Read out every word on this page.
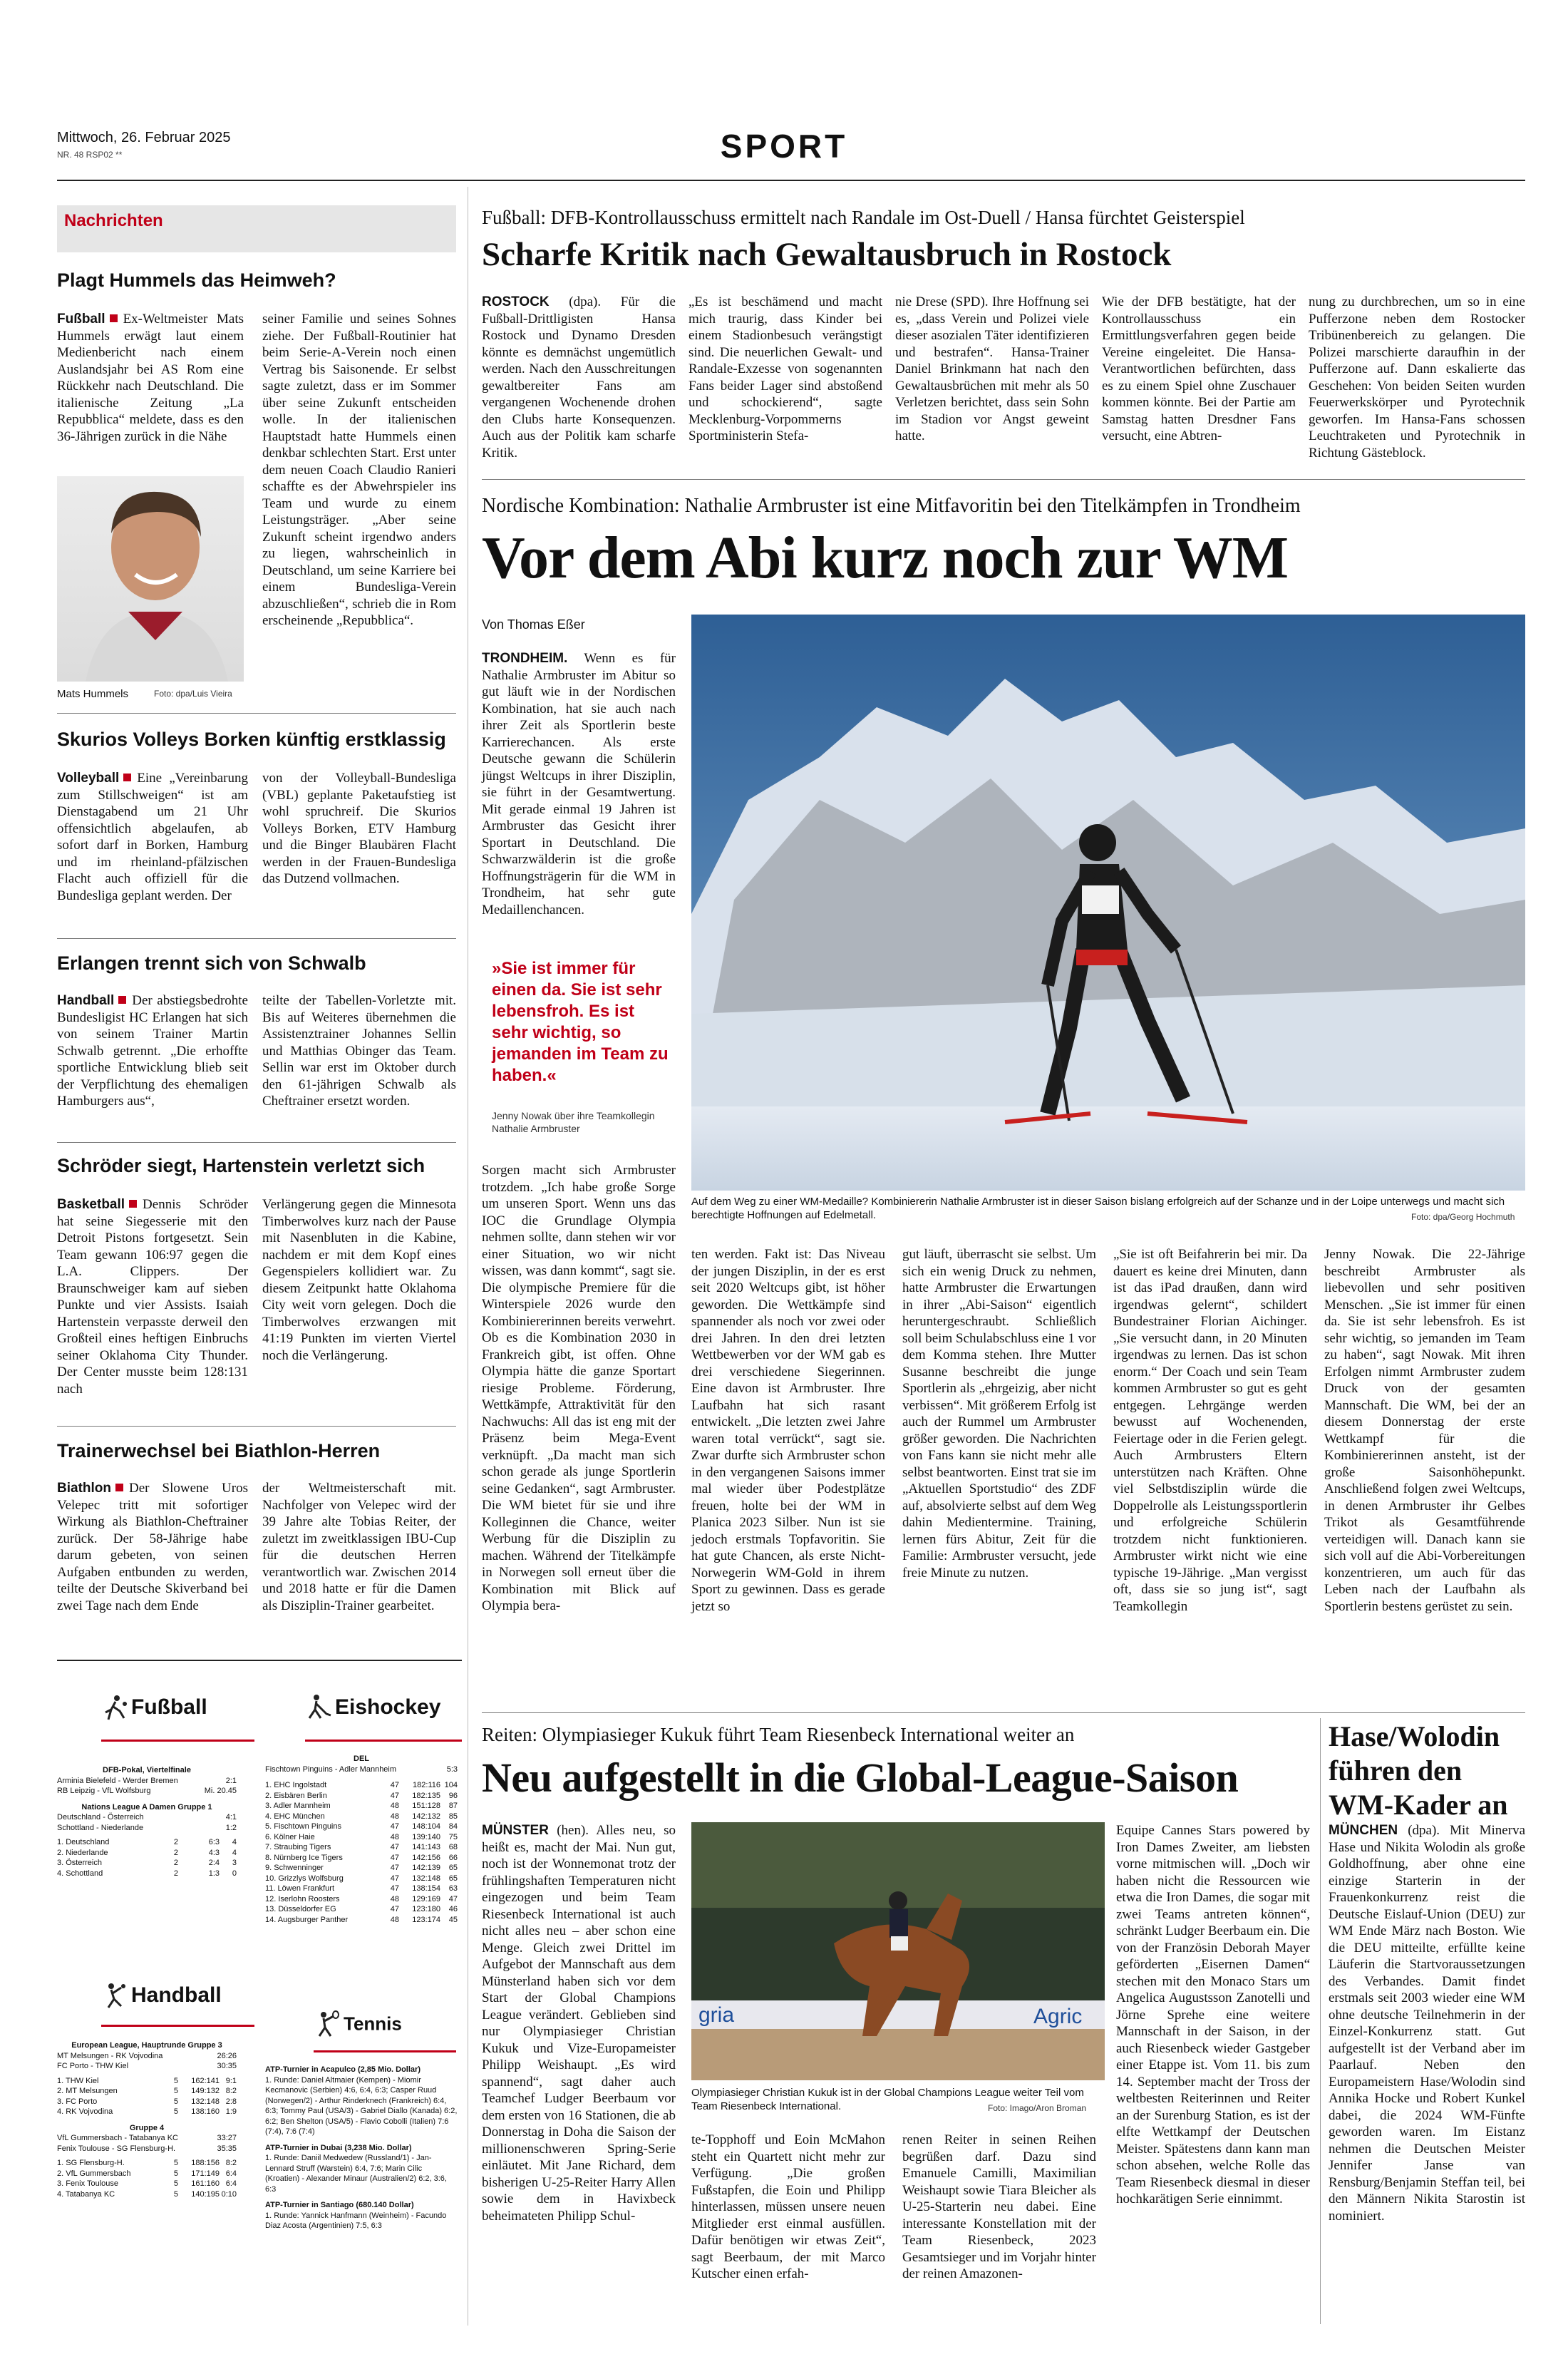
Mittwoch, 26. Februar 2025
NR. 48 RSP02 **	SPORT
Nachrichten
Plagt Hummels das Heimweh?
Fußball Ex-Weltmeister Mats Hummels erwägt laut einem Medienbericht nach einem Auslandsjahr bei AS Rom eine Rückkehr nach Deutschland. Die italienische Zeitung „La Repubblica“ meldete, dass es den 36-Jährigen zurück in die Nähe
seiner Familie und seines Sohnes ziehe. Der Fußball-Routinier hat beim Serie-A-Verein noch einen Vertrag bis Saisonende. Er selbst sagte zuletzt, dass er im Sommer über seine Zukunft entscheiden wolle. In der italienischen Hauptstadt hatte Hummels einen denkbar schlechten Start. Erst unter dem neuen Coach Claudio Ranieri schaffte es der Abwehrspieler ins Team und wurde zu einem Leistungsträger. „Aber seine Zukunft scheint irgendwo anders zu liegen, wahrscheinlich in Deutschland, um seine Karriere bei einem Bundesliga-Verein abzuschließen“, schrieb die in Rom erscheinende „Repubblica“.
Mats Hummels	Foto: dpa/Luis Vieira
Skurios Volleys Borken künftig erstklassig
Volleyball Eine „Vereinbarung zum Stillschweigen“ ist am Dienstagabend um 21 Uhr offensichtlich abgelaufen, ab sofort darf in Borken, Hamburg und im rheinland-pfälzischen Flacht auch offiziell für die Bundesliga geplant werden. Der
von der Volleyball-Bundesliga (VBL) geplante Paketaufstieg ist wohl spruchreif. Die Skurios Volleys Borken, ETV Hamburg und die Binger Blaubären Flacht werden in der Frauen-Bundesliga das Dutzend vollmachen.
Erlangen trennt sich von Schwalb
Handball Der abstiegsbedrohte Bundesligist HC Erlangen hat sich von seinem Trainer Martin Schwalb getrennt. „Die erhoffte sportliche Entwicklung blieb seit der Verpflichtung des ehemaligen Hamburgers aus“,
teilte der Tabellen-Vorletzte mit. Bis auf Weiteres übernehmen die Assistenztrainer Johannes Sellin und Matthias Obinger das Team. Sellin war erst im Oktober durch den 61-jährigen Schwalb als Cheftrainer ersetzt worden.
Schröder siegt, Hartenstein verletzt sich
Basketball Dennis Schröder hat seine Siegesserie mit den Detroit Pistons fortgesetzt. Sein Team gewann 106:97 gegen die L.A. Clippers. Der Braunschweiger kam auf sieben Punkte und vier Assists. Isaiah Hartenstein verpasste derweil den Großteil eines heftigen Einbruchs seiner Oklahoma City Thunder. Der Center musste beim 128:131 nach
Verlängerung gegen die Minnesota Timberwolves kurz nach der Pause mit Nasenbluten in die Kabine, nachdem er mit dem Kopf eines Gegenspielers kollidiert war. Zu diesem Zeitpunkt hatte Oklahoma City weit vorn gelegen. Doch die Timberwolves erzwangen mit 41:19 Punkten im vierten Viertel noch die Verlängerung.
Trainerwechsel bei Biathlon-Herren
Biathlon Der Slowene Uros Velepec tritt mit sofortiger Wirkung als Biathlon-Cheftrainer zurück. Der 58-Jährige habe darum gebeten, von seinen Aufgaben entbunden zu werden, teilte der Deutsche Skiverband bei zwei Tage nach dem Ende
der Weltmeisterschaft mit. Nachfolger von Velepec wird der 39 Jahre alte Tobias Reiter, der zuletzt im zweitklassigen IBU-Cup für die deutschen Herren verantwortlich war. Zwischen 2014 und 2018 hatte er für die Damen als Disziplin-Trainer gearbeitet.
Fußball
DFB-Pokal, Viertelfinale
Arminia Bielefeld - Werder Bremen	2:1
RB Leipzig - VfL Wolfsburg	Mi. 20.45
Nations League A Damen Gruppe 1
Deutschland - Österreich	4:1
Schottland - Niederlande	1:2
1. Deutschland	2	6:3	4
2. Niederlande	2	4:3	4
3. Österreich	2	2:4	3
4. Schottland	2	1:3	0
Handball
European League, Hauptrunde Gruppe 3
MT Melsungen - RK Vojvodina	26:26
FC Porto - THW Kiel	30:35
1. THW Kiel	5	162:141 9:1
2. MT Melsungen	5	149:132 8:2
3. FC Porto	5	132:148 2:8
4. RK Vojvodina	5	138:160 1:9
Gruppe 4
VfL Gummersbach - Tatabanya KC	33:27
Fenix Toulouse - SG Flensburg-H.	35:35
1. SG Flensburg-H.	5	188:156 8:2
2. VfL Gummersbach	5	171:149 6:4
3. Fenix Toulouse	5	161:160 6:4
4. Tatabanya KC	5	140:195 0:10
Eishockey
DEL
Fischtown Pinguins - Adler Mannheim	5:3
1. EHC Ingolstadt	47	182:116 104
2. Eisbären Berlin	47	182:135	96
3. Adler Mannheim	48	151:128	87
4. EHC München	48	142:132	85
5. Fischtown Pinguins	47	148:104	84
6. Kölner Haie	48	139:140	75
7. Straubing Tigers	47	141:143	68
8. Nürnberg Ice Tigers	47	142:156	66
9. Schwenninger	47	142:139	65
10. Grizzlys Wolfsburg	47	132:148	65
11. Löwen Frankfurt	47	138:154	63
12. Iserlohn Roosters	48	129:169	47
13. Düsseldorfer EG	47	123:180	46
14. Augsburger Panther	48	123:174	45
Tennis
ATP-Turnier in Acapulco (2,85 Mio. Dollar)
1. Runde: Daniel Altmaier (Kempen) - Miomir Kecmanovic (Serbien) 4:6, 6:4, 6:3; Casper Ruud (Norwegen/2) - Arthur Rinderknech (Frankreich) 6:4, 6:3; Tommy Paul (USA/3) - Gabriel Diallo (Kanada) 6:2, 6:2; Ben Shelton (USA/5) - Flavio Cobolli (Italien) 7:6 (7:4), 7:6 (7:4)
ATP-Turnier in Dubai (3,238 Mio. Dollar)
1. Runde: Daniil Medwedew (Russland/1) - Jan-Lennard Struff (Warstein) 6:4, 7:6; Marin Cilic (Kroatien) - Alexander Minaur (Australien/2) 6:2, 3:6, 6:3
ATP-Turnier in Santiago (680.140 Dollar)
1. Runde: Yannick Hanfmann (Weinheim) - Facundo Diaz Acosta (Argentinien) 7:5, 6:3
Fußball: DFB-Kontrollausschuss ermittelt nach Randale im Ost-Duell / Hansa fürchtet Geisterspiel
Scharfe Kritik nach Gewaltausbruch in Rostock
ROSTOCK (dpa). Für die Fußball-Drittligisten Hansa Rostock und Dynamo Dresden könnte es demnächst ungemütlich werden. Nach den Ausschreitungen gewaltbereiter Fans am vergangenen Wochenende drohen den Clubs harte Konsequenzen. Auch aus der Politik kam scharfe Kritik.
„Es ist beschämend und macht mich traurig, dass Kinder bei einem Stadionbesuch verängstigt sind. Die neuerlichen Gewalt- und Randale-Exzesse von sogenannten Fans beider Lager sind abstoßend und schockierend“, sagte Mecklenburg-Vorpommerns Sportministerin Stefa-
nie Drese (SPD). Ihre Hoffnung sei es, „dass Verein und Polizei viele dieser asozialen Täter identifizieren und bestrafen“. Hansa-Trainer Daniel Brinkmann hat nach den Gewaltausbrüchen mit mehr als 50 Verletzen berichtet, dass sein Sohn im Stadion vor Angst geweint hatte.
Wie der DFB bestätigte, hat der Kontrollausschuss ein Ermittlungsverfahren gegen beide Vereine eingeleitet. Die Hansa-Verantwortlichen befürchten, dass es zu einem Spiel ohne Zuschauer kommen könnte. Bei der Partie am Samstag hatten Dresdner Fans versucht, eine Abtren-
nung zu durchbrechen, um so in eine Pufferzone neben dem Rostocker Tribünenbereich zu gelangen. Die Polizei marschierte daraufhin in der Pufferzone auf. Dann eskalierte das Geschehen: Von beiden Seiten wurden Feuerwerkskörper und Pyrotechnik geworfen. Im Hansa-Fans schossen Leuchtraketen und Pyrotechnik in Richtung Gästeblock.
Nordische Kombination: Nathalie Armbruster ist eine Mitfavoritin bei den Titelkämpfen in Trondheim
Vor dem Abi kurz noch zur WM
Von Thomas Eßer
TRONDHEIM. Wenn es für Nathalie Armbruster im Abitur so gut läuft wie in der Nordischen Kombination, hat sie auch nach ihrer Zeit als Sportlerin beste Karrierechancen. Als erste Deutsche gewann die Schülerin jüngst Weltcups in ihrer Disziplin, sie führt in der Gesamtwertung. Mit gerade einmal 19 Jahren ist Armbruster das Gesicht ihrer Sportart in Deutschland. Die Schwarzwälderin ist die große Hoffnungsträgerin für die WM in Trondheim, hat sehr gute Medaillenchancen.
»Sie ist immer für einen da. Sie ist sehr lebensfroh. Es ist sehr wichtig, so jemanden im Team zu haben.«
Jenny Nowak über ihre Teamkollegin Nathalie Armbruster
Sorgen macht sich Armbruster trotzdem. „Ich habe große Sorge um unseren Sport. Wenn uns das IOC die Grundlage Olympia nehmen sollte, dann stehen wir vor einer Situation, wo wir nicht wissen, was dann kommt“, sagt sie. Die olympische Premiere für die Winterspiele 2026 wurde den Kombiniererinnen bereits verwehrt. Ob es die Kombination 2030 in Frankreich gibt, ist offen. Ohne Olympia hätte die ganze Sportart riesige Probleme. Förderung, Wettkämpfe, Attraktivität für den Nachwuchs: All das ist eng mit der Präsenz beim Mega-Event verknüpft. „Da macht man sich schon gerade als junge Sportlerin seine Gedanken“, sagt Armbruster. Die WM bietet für sie und ihre Kolleginnen die Chance, weiter Werbung für die Disziplin zu machen. Während der Titelkämpfe in Norwegen soll erneut über die Kombination mit Blick auf Olympia bera-
Auf dem Weg zu einer WM-Medaille? Kombiniererin Nathalie Armbruster ist in dieser Saison bislang erfolgreich auf der Schanze und in der Loipe unterwegs und macht sich berechtigte Hoffnungen auf Edelmetall.	Foto: dpa/Georg Hochmuth
ten werden. Fakt ist: Das Niveau der jungen Disziplin, in der es erst seit 2020 Weltcups gibt, ist höher geworden. Die Wettkämpfe sind spannender als noch vor zwei oder drei Jahren. In den drei letzten Wettbewerben vor der WM gab es drei verschiedene Siegerinnen. Eine davon ist Armbruster. Ihre Laufbahn hat sich rasant entwickelt. „Die letzten zwei Jahre waren total verrückt“, sagt sie. Zwar durfte sich Armbruster schon in den vergangenen Saisons immer mal wieder über Podestplätze freuen, holte bei der WM in Planica 2023 Silber. Nun ist sie jedoch erstmals Topfavoritin. Sie hat gute Chancen, als erste Nicht-Norwegerin WM-Gold in ihrem Sport zu gewinnen. Dass es gerade jetzt so
gut läuft, überrascht sie selbst. Um sich ein wenig Druck zu nehmen, hatte Armbruster die Erwartungen in ihrer „Abi-Saison“ eigentlich heruntergeschraubt. Schließlich soll beim Schulabschluss eine 1 vor dem Komma stehen. Ihre Mutter Susanne beschreibt die junge Sportlerin als „ehrgeizig, aber nicht verbissen“. Mit größerem Erfolg ist auch der Rummel um Armbruster größer geworden. Die Nachrichten von Fans kann sie nicht mehr alle selbst beantworten. Einst trat sie im „Aktuellen Sportstudio“ des ZDF auf, absolvierte selbst auf dem Weg dahin Medientermine. Training, lernen fürs Abitur, Zeit für die Familie: Armbruster versucht, jede freie Minute zu nutzen.
„Sie ist oft Beifahrerin bei mir. Da dauert es keine drei Minuten, dann ist das iPad draußen, dann wird irgendwas gelernt“, schildert Bundestrainer Florian Aichinger. „Sie versucht dann, in 20 Minuten irgendwas zu lernen. Das ist schon enorm.“ Der Coach und sein Team kommen Armbruster so gut es geht entgegen. Lehrgänge werden bewusst auf Wochenenden, Feiertage oder in die Ferien gelegt. Auch Armbrusters Eltern unterstützen nach Kräften. Ohne viel Selbstdisziplin würde die Doppelrolle als Leistungssportlerin und erfolgreiche Schülerin trotzdem nicht funktionieren. Armbruster wirkt nicht wie eine typische 19-Jährige. „Man vergisst oft, dass sie so jung ist“, sagt Teamkollegin
Jenny Nowak. Die 22-Jährige beschreibt Armbruster als liebevollen und sehr positiven Menschen. „Sie ist immer für einen da. Sie ist sehr lebensfroh. Es ist sehr wichtig, so jemanden im Team zu haben“, sagt Nowak. Mit ihren Erfolgen nimmt Armbruster zudem Druck von der gesamten Mannschaft. Die WM, bei der an diesem Donnerstag der erste Wettkampf für die Kombiniererinnen ansteht, ist der große Saisonhöhepunkt. Anschließend folgen zwei Weltcups, in denen Armbruster ihr Gelbes Trikot als Gesamtführende verteidigen will. Danach kann sie sich voll auf die Abi-Vorbereitungen konzentrieren, um auch für das Leben nach der Laufbahn als Sportlerin bestens gerüstet zu sein.
Reiten: Olympiasieger Kukuk führt Team Riesenbeck International weiter an
Neu aufgestellt in die Global-League-Saison
MÜNSTER (hen). Alles neu, so heißt es, macht der Mai. Nun gut, noch ist der Wonnemonat trotz der frühlingshaften Temperaturen nicht eingezogen und beim Team Riesenbeck International ist auch nicht alles neu – aber schon eine Menge. Gleich zwei Drittel im Aufgebot der Mannschaft aus dem Münsterland haben sich vor dem Start der Global Champions League verändert. Geblieben sind nur Olympiasieger Christian Kukuk und Vize-Europameister Philipp Weishaupt. „Es wird spannend“, sagt daher auch Teamchef Ludger Beerbaum vor dem ersten von 16 Stationen, die ab Donnerstag in Doha die Saison der millionenschweren Spring-Serie einläutet. Mit Jane Richard, dem bisherigen U-25-Reiter Harry Allen sowie dem in Havixbeck beheimateten Philipp Schul-
gria	Agric
Olympiasieger Christian Kukuk ist in der Global Champions League weiter Teil vom Team Riesenbeck International.	Foto: Imago/Aron Broman
te-Topphoff und Eoin McMahon steht ein Quartett nicht mehr zur Verfügung. „Die großen Fußstapfen, die Eoin und Philipp hinterlassen, müssen unsere neuen Mitglieder erst einmal ausfüllen. Dafür benötigen wir etwas Zeit“, sagt Beerbaum, der mit Marco Kutscher einen erfah-
renen Reiter in seinen Reihen begrüßen darf. Dazu sind Emanuele Camilli, Maximilian Weishaupt sowie Tiara Bleicher als U-25-Starterin neu dabei. Eine interessante Konstellation mit der Team Riesenbeck, 2023 Gesamtsieger und im Vorjahr hinter der reinen Amazonen-
Equipe Cannes Stars powered by Iron Dames Zweiter, am liebsten vorne mitmischen will. „Doch wir haben nicht die Ressourcen wie etwa die Iron Dames, die sogar mit zwei Teams antreten können“, schränkt Ludger Beerbaum ein. Die von der Französin Deborah Mayer geförderten „Eisernen Damen“ stechen mit den Monaco Stars um Angelica Augustsson Zanotelli und Jörne Sprehe eine weitere Mannschaft in der Saison, in der auch Riesenbeck wieder Gastgeber einer Etappe ist. Vom 11. bis zum 14. September macht der Tross der weltbesten Reiterinnen und Reiter an der Surenburg Station, es ist der elfte Wettkampf der Deutschen Meister. Spätestens dann kann man schon absehen, welche Rolle das Team Riesenbeck diesmal in dieser hochkarätigen Serie einnimmt.
Hase/Wolodin führen den WM-Kader an
MÜNCHEN (dpa). Mit Minerva Hase und Nikita Wolodin als große Goldhoffnung, aber ohne eine einzige Starterin in der Frauenkonkurrenz reist die Deutsche Eislauf-Union (DEU) zur WM Ende März nach Boston. Wie die DEU mitteilte, erfüllte keine Läuferin die Startvoraussetzungen des Verbandes. Damit findet erstmals seit 2003 wieder eine WM ohne deutsche Teilnehmerin in der Einzel-Konkurrenz statt. Gut aufgestellt ist der Verband aber im Paarlauf. Neben den Europameistern Hase/Wolodin sind Annika Hocke und Robert Kunkel dabei, die 2024 WM-Fünfte geworden waren. Im Eistanz nehmen die Deutschen Meister Jennifer Janse van Rensburg/Benjamin Steffan teil, bei den Männern Nikita Starostin ist nominiert.
